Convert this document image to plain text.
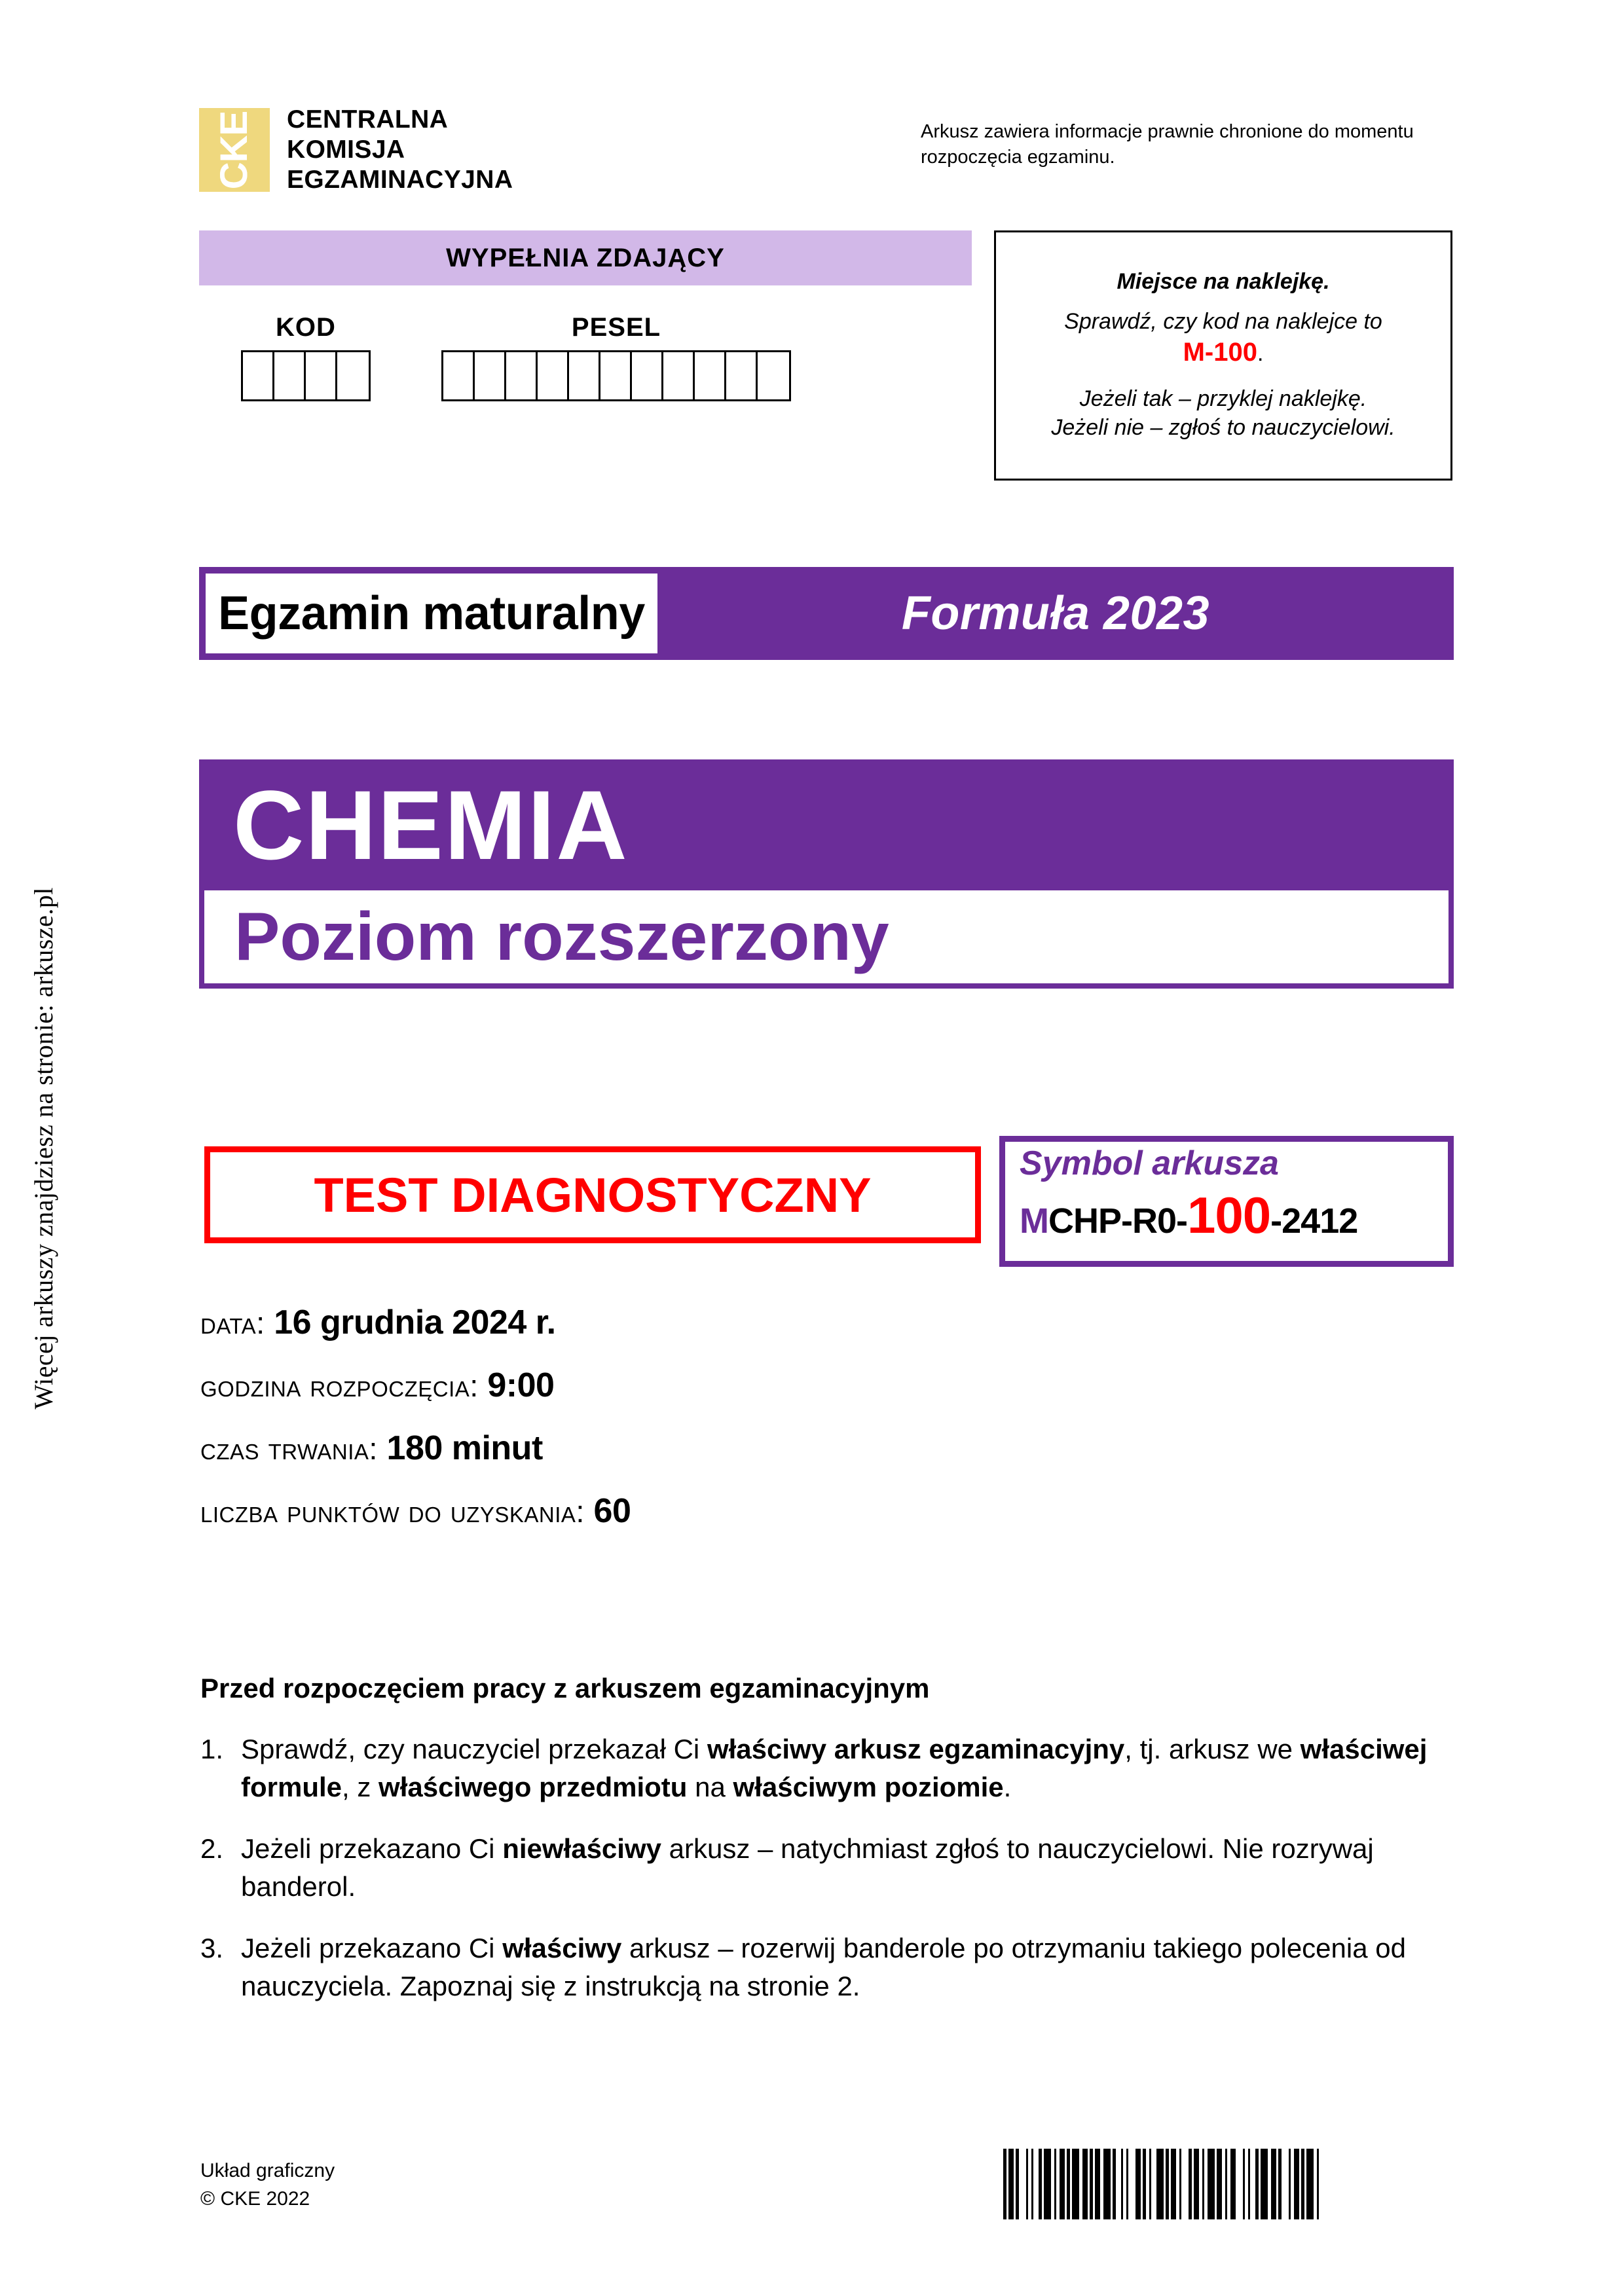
Więcej arkuszy znajdziesz na stronie: arkusze.pl
CKE CENTRALNA
KOMISJA
EGZAMINACYJNA
Arkusz zawiera informacje prawnie chronione do momentu rozpoczęcia egzaminu.
WYPEŁNIA ZDAJĄCY
KOD	PESEL
Miejsce na naklejkę.
Sprawdź, czy kod na naklejce to
M-100.
Jeżeli tak – przyklej naklejkę.
Jeżeli nie – zgłoś to nauczycielowi.
Egzamin maturalny	Formuła 2023
CHEMIA
Poziom rozszerzony
TEST DIAGNOSTYCZNY
Symbol arkusza
MCHP-R0-100-2412
data: 16 grudnia 2024 r.
godzina rozpoczęcia: 9:00
czas trwania: 180 minut
liczba punktów do uzyskania: 60
Przed rozpoczęciem pracy z arkuszem egzaminacyjnym
1. Sprawdź, czy nauczyciel przekazał Ci właściwy arkusz egzaminacyjny, tj. arkusz we właściwej formule, z właściwego przedmiotu na właściwym poziomie.
2. Jeżeli przekazano Ci niewłaściwy arkusz – natychmiast zgłoś to nauczycielowi. Nie rozrywaj banderol.
3. Jeżeli przekazano Ci właściwy arkusz – rozerwij banderole po otrzymaniu takiego polecenia od nauczyciela. Zapoznaj się z instrukcją na stronie 2.
Układ graficzny
© CKE 2022
